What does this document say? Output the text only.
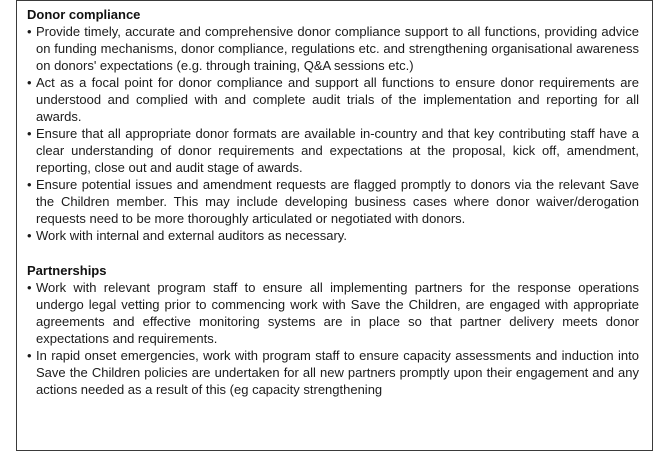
Donor compliance
• Provide timely, accurate and comprehensive donor compliance support to all functions, providing advice on funding mechanisms, donor compliance, regulations etc. and strengthening organisational awareness on donors' expectations (e.g. through training, Q&A sessions etc.)
• Act as a focal point for donor compliance and support all functions to ensure donor requirements are understood and complied with and complete audit trials of the implementation and reporting for all awards.
• Ensure that all appropriate donor formats are available in-country and that key contributing staff have a clear understanding of donor requirements and expectations at the proposal, kick off, amendment, reporting, close out and audit stage of awards.
• Ensure potential issues and amendment requests are flagged promptly to donors via the relevant Save the Children member. This may include developing business cases where donor waiver/derogation requests need to be more thoroughly articulated or negotiated with donors.
• Work with internal and external auditors as necessary.
Partnerships
• Work with relevant program staff to ensure all implementing partners for the response operations undergo legal vetting prior to commencing work with Save the Children, are engaged with appropriate agreements and effective monitoring systems are in place so that partner delivery meets donor expectations and requirements.
• In rapid onset emergencies, work with program staff to ensure capacity assessments and induction into Save the Children policies are undertaken for all new partners promptly upon their engagement and any actions needed as a result of this (eg capacity strengthening
